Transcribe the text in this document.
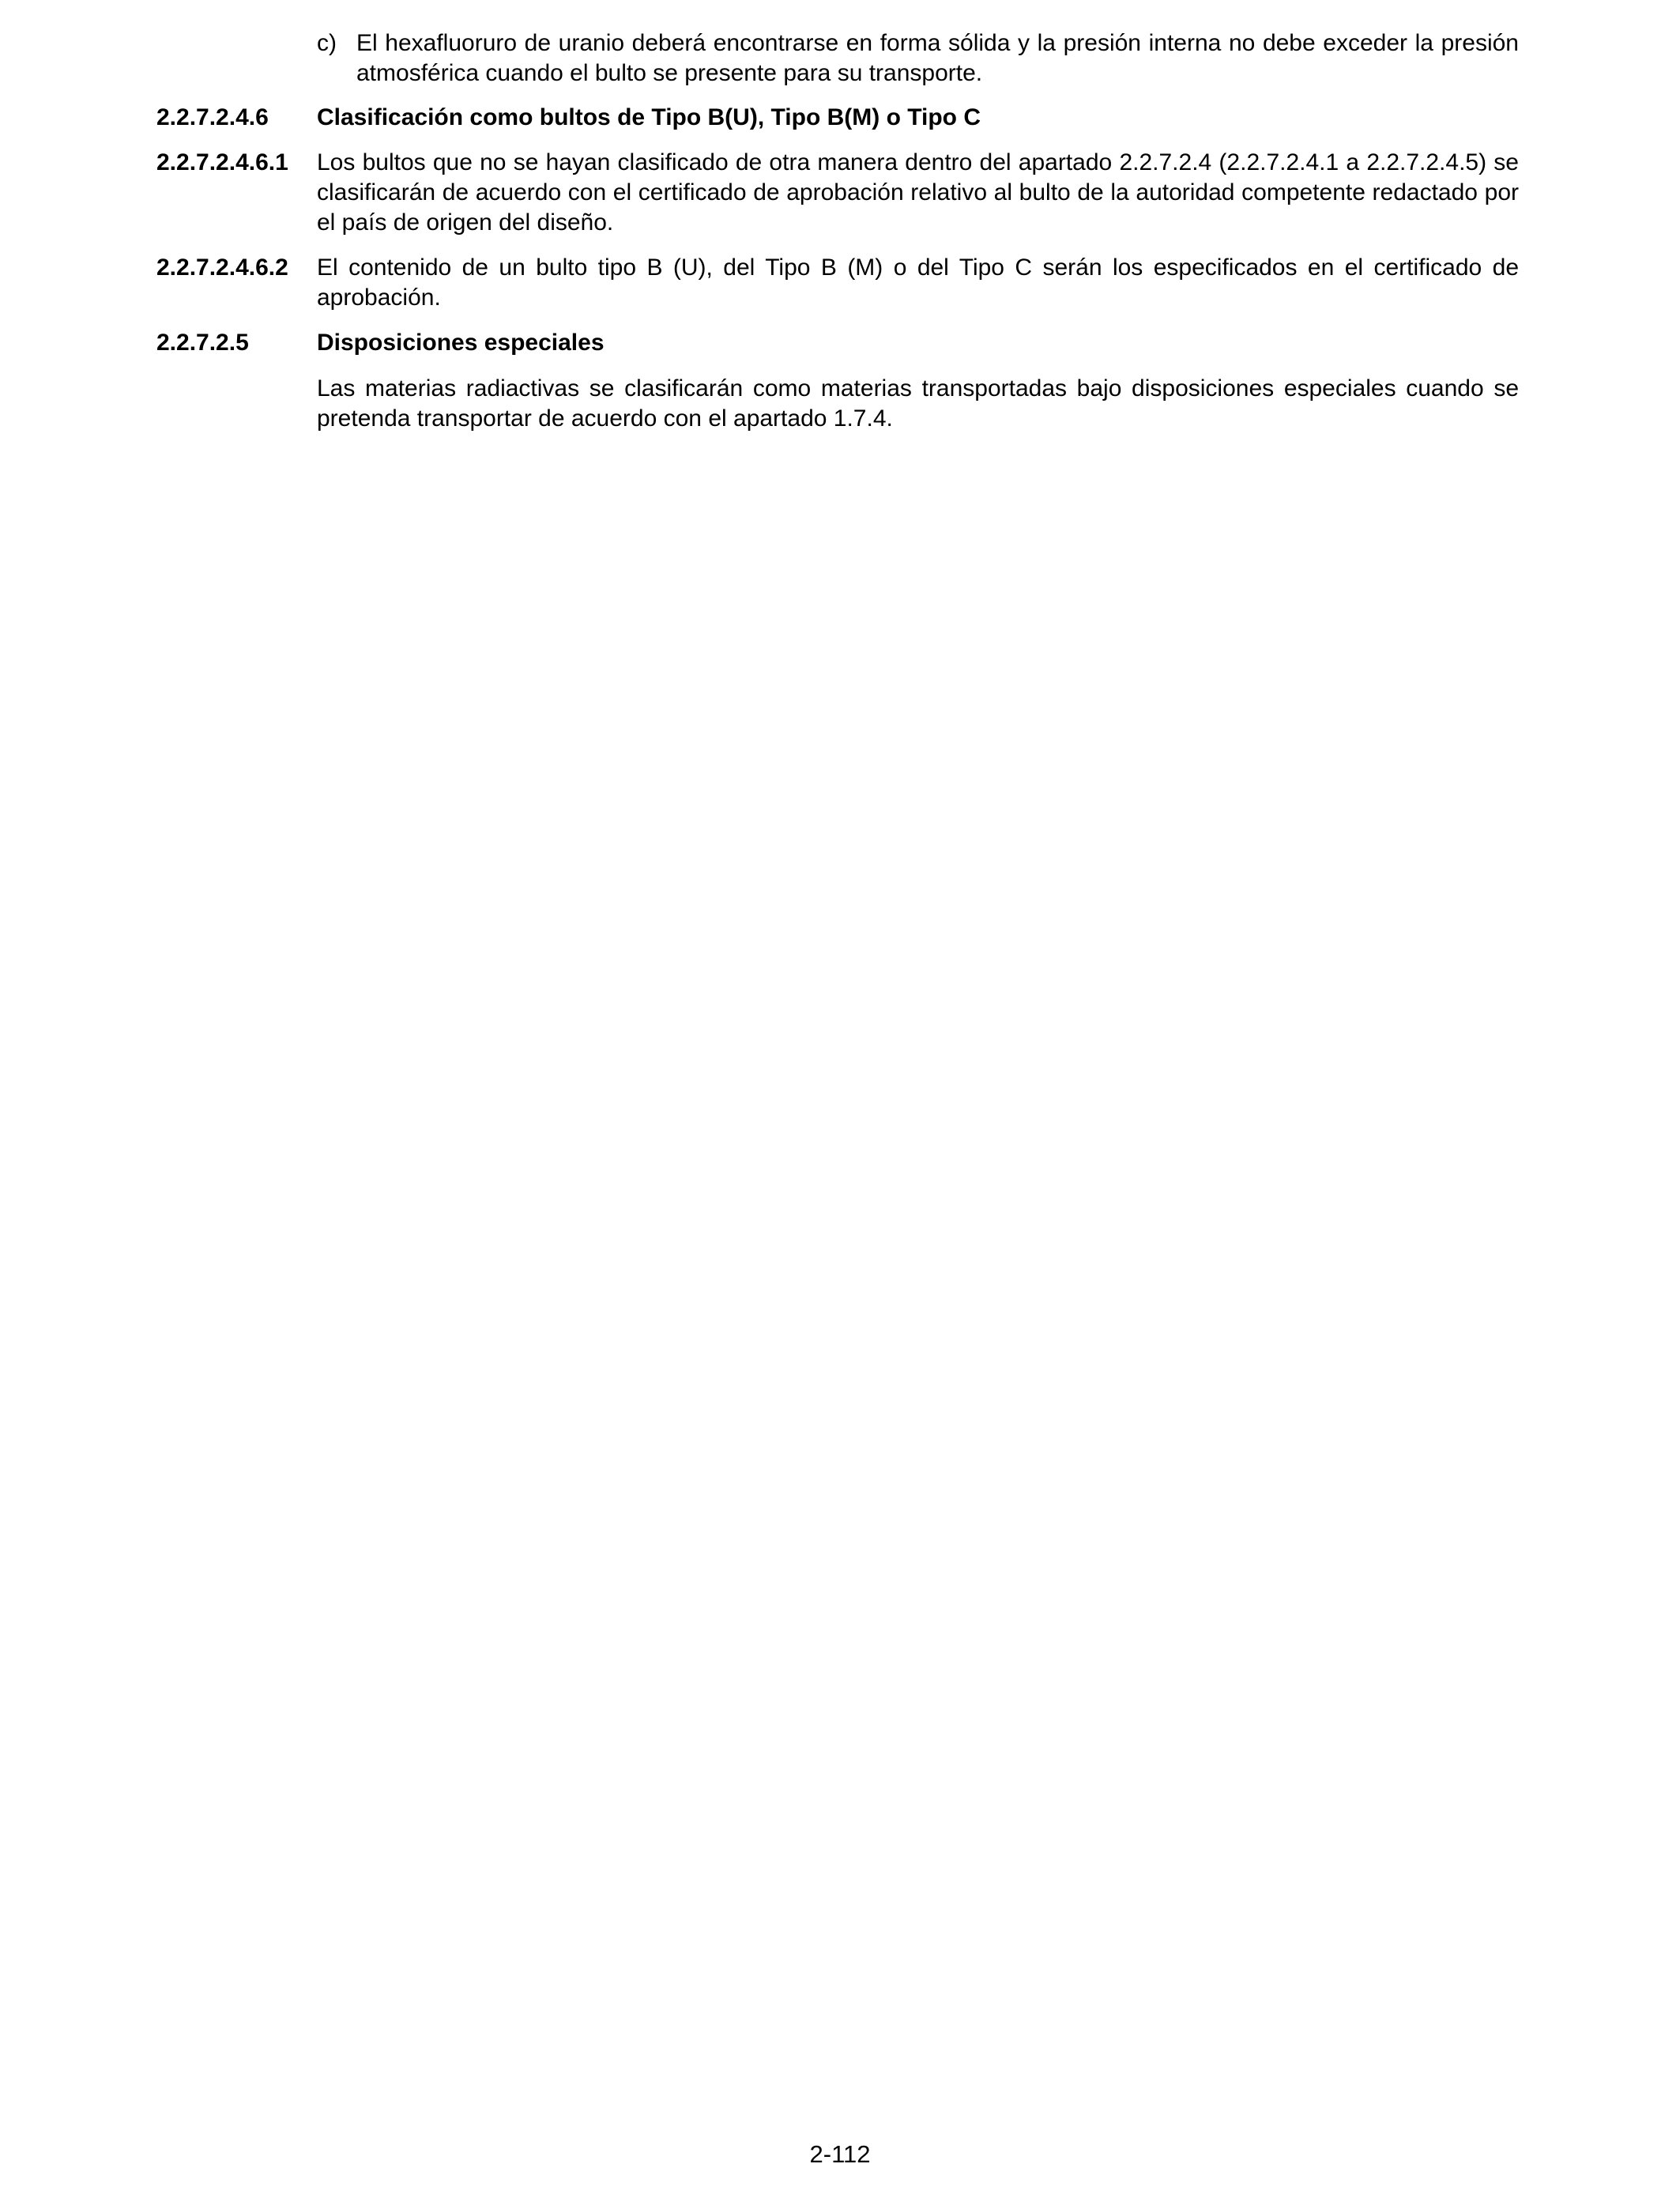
c) El hexafluoruro de uranio deberá encontrarse en forma sólida y la presión interna no debe exceder la presión atmosférica cuando el bulto se presente para su transporte.
2.2.7.2.4.6	Clasificación como bultos de Tipo B(U), Tipo B(M) o Tipo C
2.2.7.2.4.6.1	Los bultos que no se hayan clasificado de otra manera dentro del apartado 2.2.7.2.4 (2.2.7.2.4.1 a 2.2.7.2.4.5) se clasificarán de acuerdo con el certificado de aprobación relativo al bulto de la autoridad competente redactado por el país de origen del diseño.
2.2.7.2.4.6.2	El contenido de un bulto tipo B (U), del Tipo B (M) o del Tipo C serán los especificados en el certificado de aprobación.
2.2.7.2.5	Disposiciones especiales
Las materias radiactivas se clasificarán como materias transportadas bajo disposiciones especiales cuando se pretenda transportar de acuerdo con el apartado 1.7.4.
2-112
